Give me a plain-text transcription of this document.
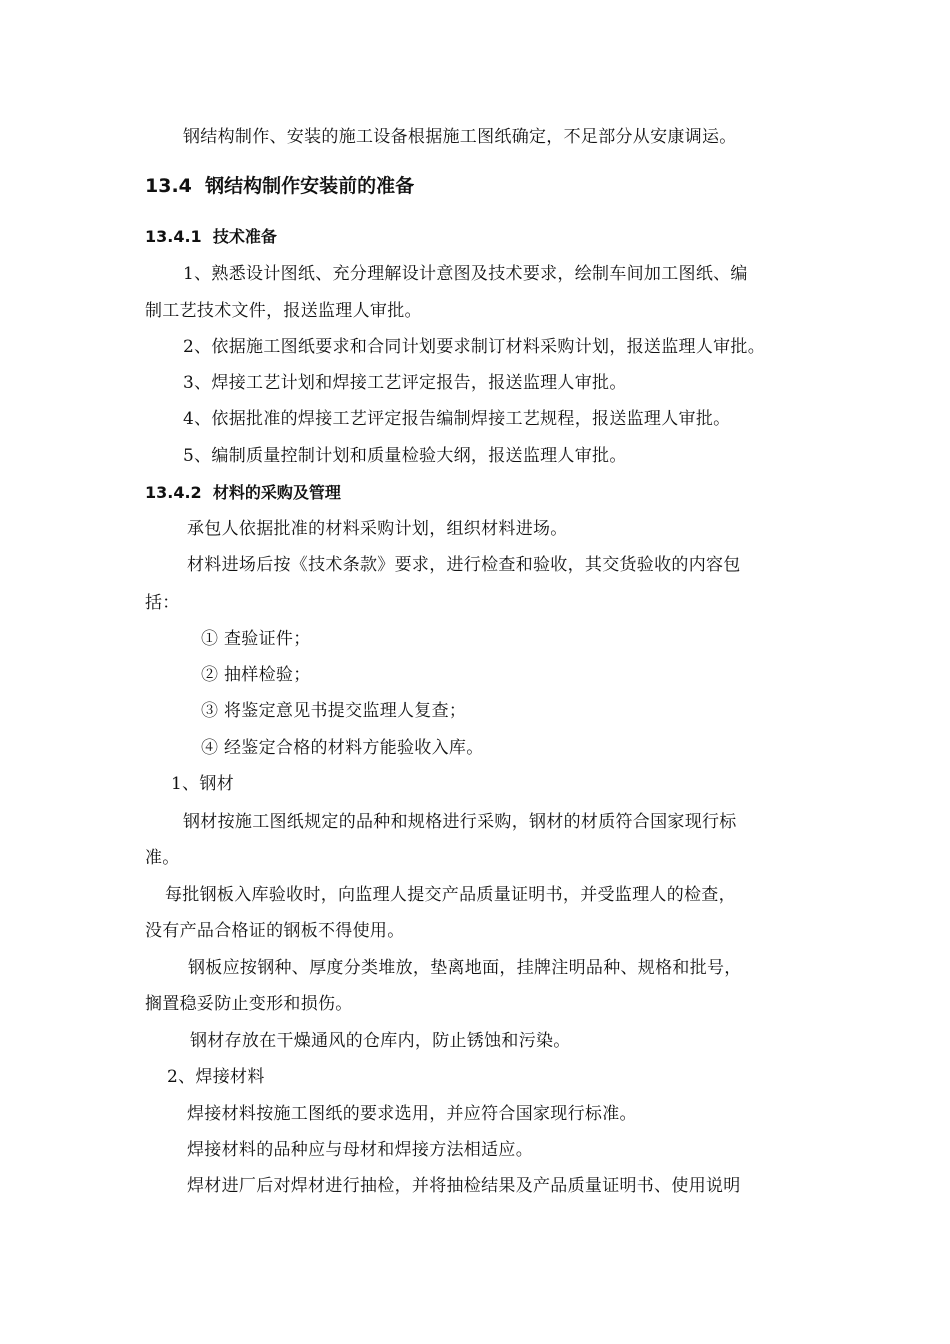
钢结构制作、安装的施工设备根据施工图纸确定，不足部分从安康调运。
13.4 钢结构制作安装前的准备
13.4.1 技术准备
1、熟悉设计图纸、充分理解设计意图及技术要求，绘制车间加工图纸、编
制工艺技术文件，报送监理人审批。
2、依据施工图纸要求和合同计划要求制订材料采购计划，报送监理人审批。
3、焊接工艺计划和焊接工艺评定报告，报送监理人审批。
4、依据批准的焊接工艺评定报告编制焊接工艺规程，报送监理人审批。
5、编制质量控制计划和质量检验大纲，报送监理人审批。
13.4.2 材料的采购及管理
承包人依据批准的材料采购计划，组织材料进场。
材料进场后按《技术条款》要求，进行检查和验收，其交货验收的内容包
括：
① 查验证件；
② 抽样检验；
③ 将鉴定意见书提交监理人复查；
④ 经鉴定合格的材料方能验收入库。
1、钢材
钢材按施工图纸规定的品种和规格进行采购，钢材的材质符合国家现行标
准。
每批钢板入库验收时，向监理人提交产品质量证明书，并受监理人的检查，
没有产品合格证的钢板不得使用。
钢板应按钢种、厚度分类堆放，垫离地面，挂牌注明品种、规格和批号，
搁置稳妥防止变形和损伤。
钢材存放在干燥通风的仓库内，防止锈蚀和污染。
2、焊接材料
焊接材料按施工图纸的要求选用，并应符合国家现行标准。
焊接材料的品种应与母材和焊接方法相适应。
焊材进厂后对焊材进行抽检，并将抽检结果及产品质量证明书、使用说明
